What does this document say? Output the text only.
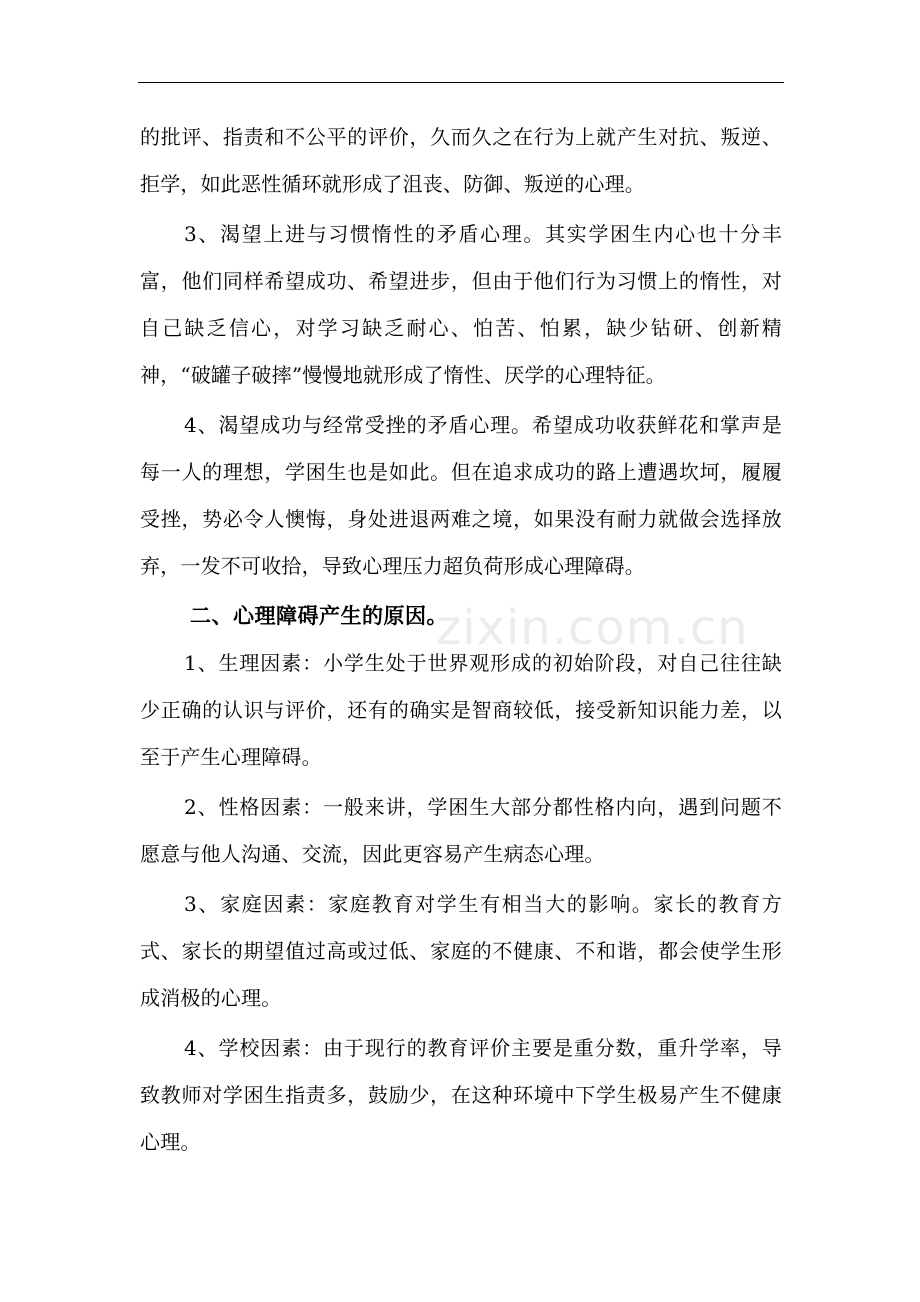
的批评、指责和不公平的评价，久而久之在行为上就产生对抗、叛逆、拒学，如此恶性循环就形成了沮丧、防御、叛逆的心理。

3、渴望上进与习惯惰性的矛盾心理。其实学困生内心也十分丰富，他们同样希望成功、希望进步，但由于他们行为习惯上的惰性，对自己缺乏信心，对学习缺乏耐心、怕苦、怕累，缺少钻研、创新精神，“破罐子破摔”慢慢地就形成了惰性、厌学的心理特征。

4、渴望成功与经常受挫的矛盾心理。希望成功收获鲜花和掌声是每一人的理想，学困生也是如此。但在追求成功的路上遭遇坎坷，履履受挫，势必令人懊悔，身处进退两难之境，如果没有耐力就做会选择放弃，一发不可收拾，导致心理压力超负荷形成心理障碍。

二、心理障碍产生的原因。

1、生理因素：小学生处于世界观形成的初始阶段，对自己往往缺少正确的认识与评价，还有的确实是智商较低，接受新知识能力差，以至于产生心理障碍。

2、性格因素：一般来讲，学困生大部分都性格内向，遇到问题不愿意与他人沟通、交流，因此更容易产生病态心理。

3、家庭因素：家庭教育对学生有相当大的影响。家长的教育方式、家长的期望值过高或过低、家庭的不健康、不和谐，都会使学生形成消极的心理。

4、学校因素：由于现行的教育评价主要是重分数，重升学率，导致教师对学困生指责多，鼓励少，在这种环境中下学生极易产生不健康心理。

zixin.com.cn
